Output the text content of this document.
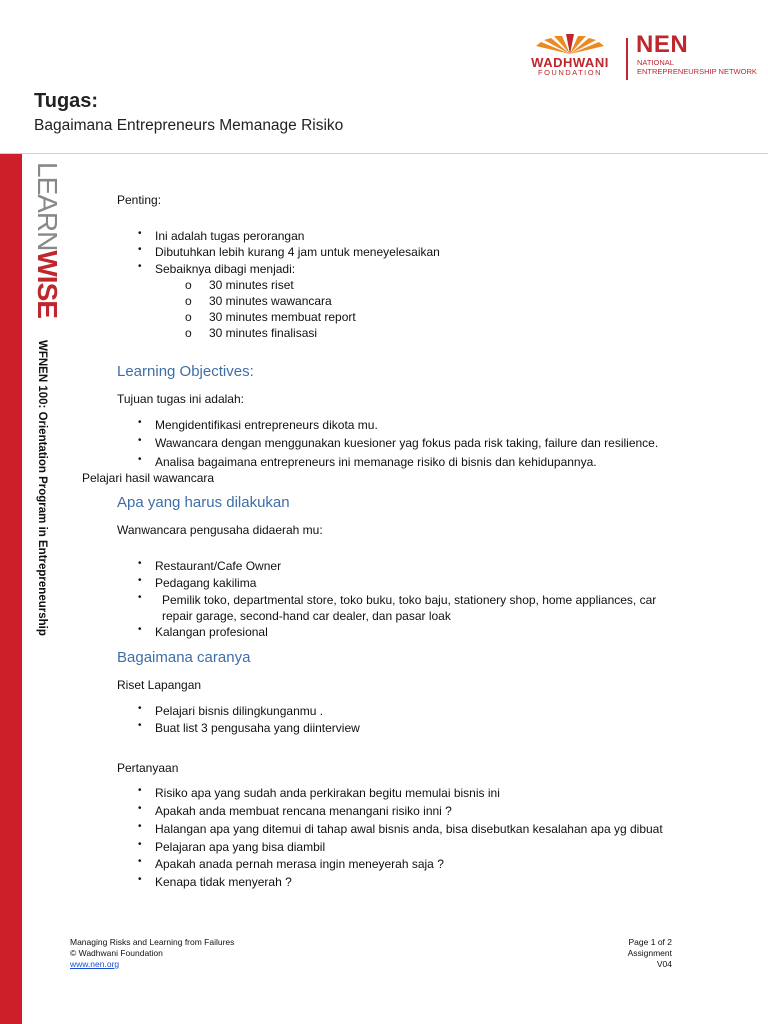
WADHWANI
FOUNDATION
NEN
NATIONAL
ENTREPRENEURSHIP NETWORK
Tugas:
Bagaimana Entrepreneurs Memanage Risiko
LEARNWISE
WFNEN 100: Orientation Program in Entrepreneurship
Penting:
• Ini adalah tugas perorangan
• Dibutuhkan lebih kurang 4 jam untuk meneyelesaikan
• Sebaiknya dibagi menjadi:
o 30 minutes riset
o 30 minutes wawancara
o 30 minutes membuat report
o 30 minutes finalisasi
Learning Objectives:
Tujuan tugas ini adalah:
• Mengidentifikasi entrepreneurs dikota mu.
• Wawancara dengan menggunakan kuesioner yag fokus pada risk taking, failure dan resilience.
• Analisa bagaimana entrepreneurs ini memanage risiko di bisnis dan kehidupannya.
Pelajari hasil wawancara
Apa yang harus dilakukan
Wanwancara pengusaha didaerah mu:
• Restaurant/Cafe Owner
• Pedagang kakilima
• Pemilik toko, departmental store, toko buku, toko baju, stationery shop, home appliances, car
repair garage, second-hand car dealer, dan pasar loak
• Kalangan profesional
Bagaimana caranya
Riset Lapangan
• Pelajari bisnis dilingkunganmu .
• Buat list 3 pengusaha yang diinterview
Pertanyaan
• Risiko apa yang sudah anda perkirakan begitu memulai bisnis ini
• Apakah anda membuat rencana menangani risiko inni ?
• Halangan apa yang ditemui di tahap awal bisnis anda, bisa disebutkan kesalahan apa yg dibuat
• Pelajaran apa yang bisa diambil
• Apakah anada pernah merasa ingin meneyerah saja ?
• Kenapa tidak menyerah ?
Managing Risks and Learning from Failures
© Wadhwani Foundation
www.nen.org
Page 1 of 2
Assignment
V04
